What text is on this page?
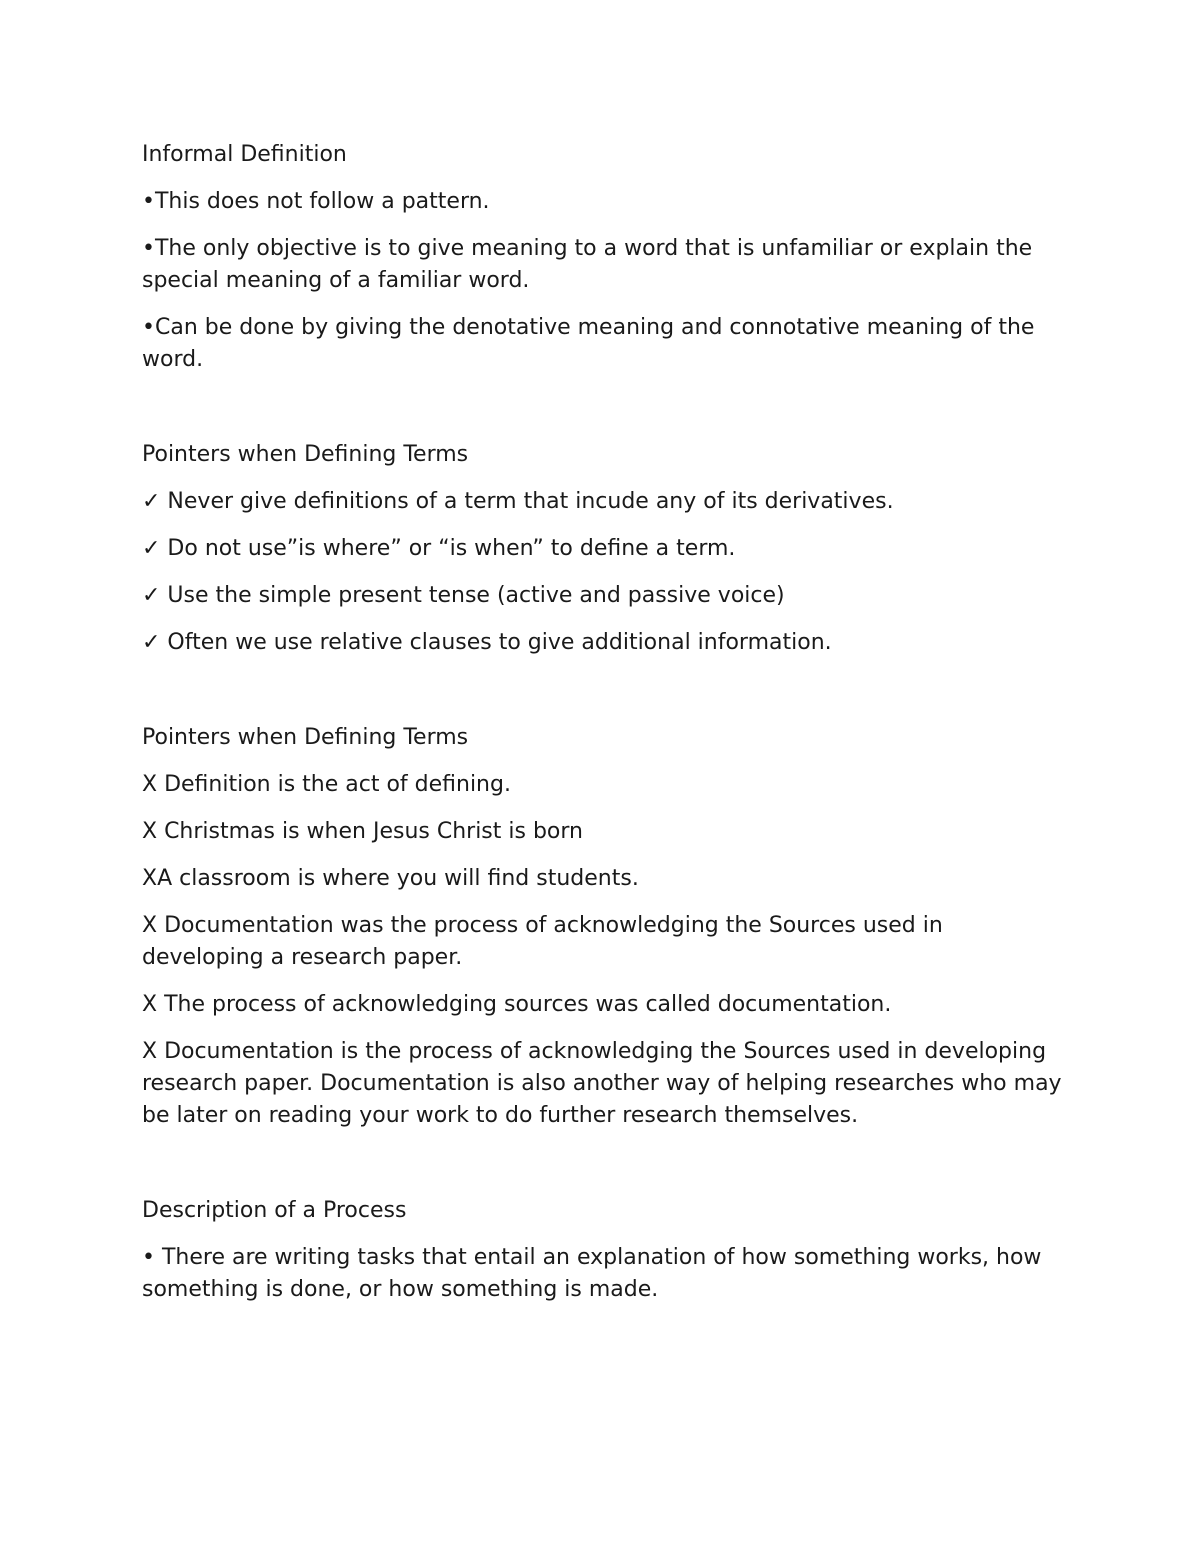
Informal Definition

•This does not follow a pattern.

•The only objective is to give meaning to a word that is unfamiliar or explain the special meaning of a familiar word.

•Can be done by giving the denotative meaning and connotative meaning of the word.

Pointers when Defining Terms

✓ Never give definitions of a term that incude any of its derivatives.

✓ Do not use”is where” or “is when” to define a term.

✓ Use the simple present tense (active and passive voice)

✓ Often we use relative clauses to give additional information.

Pointers when Defining Terms

X Definition is the act of defining.

X Christmas is when Jesus Christ is born

XA classroom is where you will find students.

X Documentation was the process of acknowledging the Sources used in developing a research paper.

X The process of acknowledging sources was called documentation.

X Documentation is the process of acknowledging the Sources used in developing research paper. Documentation is also another way of helping researches who may be later on reading your work to do further research themselves.

Description of a Process

• There are writing tasks that entail an explanation of how something works, how something is done, or how something is made.
